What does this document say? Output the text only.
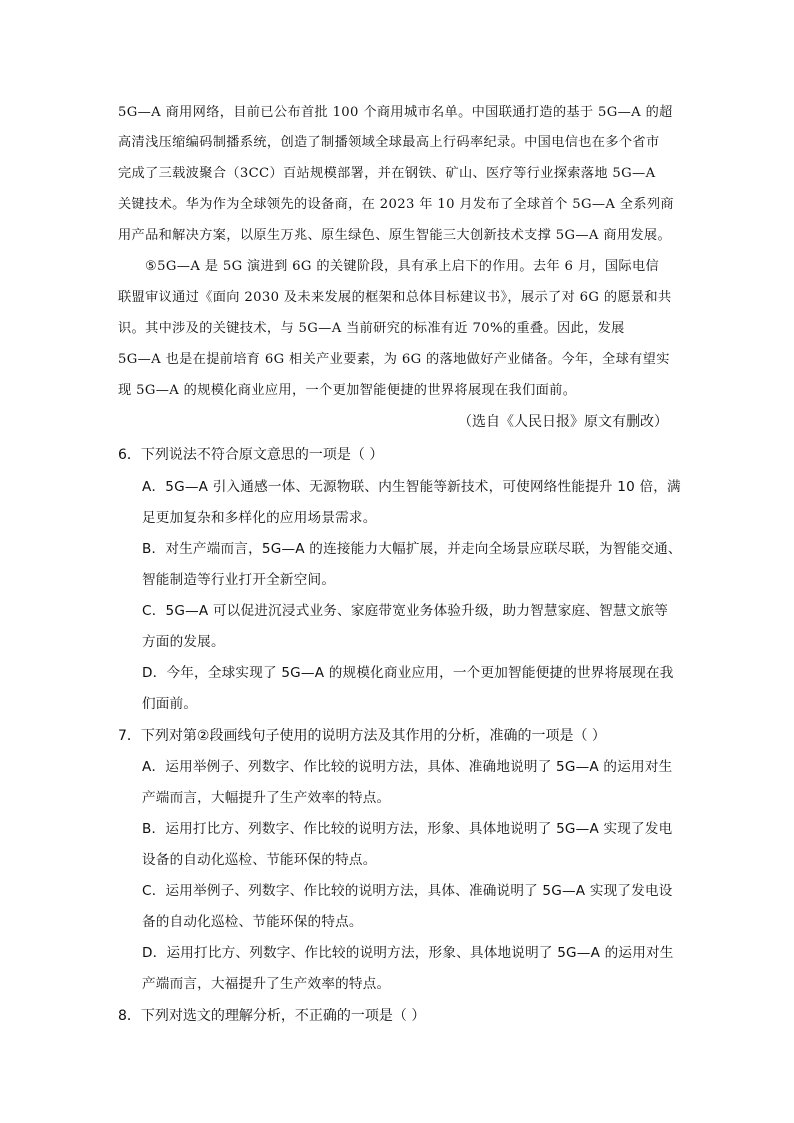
5G—A 商用网络，目前已公布首批 100 个商用城市名单。中国联通打造的基于 5G—A 的超
高清浅压缩编码制播系统，创造了制播领域全球最高上行码率纪录。中国电信也在多个省市
完成了三载波聚合（3CC）百站规模部署，并在钢铁、矿山、医疗等行业探索落地 5G—A
关键技术。华为作为全球领先的设备商，在 2023 年 10 月发布了全球首个 5G—A 全系列商
用产品和解决方案，以原生万兆、原生绿色、原生智能三大创新技术支撑 5G—A 商用发展。
⑤5G—A 是 5G 演进到 6G 的关键阶段，具有承上启下的作用。去年 6 月，国际电信
联盟审议通过《面向 2030 及未来发展的框架和总体目标建议书》，展示了对 6G 的愿景和共
识。其中涉及的关键技术，与 5G—A 当前研究的标准有近 70%的重叠。因此，发展
5G—A 也是在提前培育 6G 相关产业要素，为 6G 的落地做好产业储备。今年，全球有望实
现 5G—A 的规模化商业应用，一个更加智能便捷的世界将展现在我们面前。
（选自《人民日报》原文有删改）
6．下列说法不符合原文意思的一项是（ ）
A．5G—A 引入通感一体、无源物联、内生智能等新技术，可使网络性能提升 10 倍，满
足更加复杂和多样化的应用场景需求。
B．对生产端而言，5G—A 的连接能力大幅扩展，并走向全场景应联尽联，为智能交通、
智能制造等行业打开全新空间。
C．5G—A 可以促进沉浸式业务、家庭带宽业务体验升级，助力智慧家庭、智慧文旅等
方面的发展。
D．今年，全球实现了 5G—A 的规模化商业应用，一个更加智能便捷的世界将展现在我
们面前。
7．下列对第②段画线句子使用的说明方法及其作用的分析，准确的一项是（ ）
A．运用举例子、列数字、作比较的说明方法，具体、准确地说明了 5G—A 的运用对生
产端而言，大幅提升了生产效率的特点。
B．运用打比方、列数字、作比较的说明方法，形象、具体地说明了 5G—A 实现了发电
设备的自动化巡检、节能环保的特点。
C．运用举例子、列数字、作比较的说明方法，具体、准确说明了 5G—A 实现了发电设
备的自动化巡检、节能环保的特点。
D．运用打比方、列数字、作比较的说明方法，形象、具体地说明了 5G—A 的运用对生
产端而言，大福提升了生产效率的特点。
8．下列对选文的理解分析，不正确的一项是（ ）
